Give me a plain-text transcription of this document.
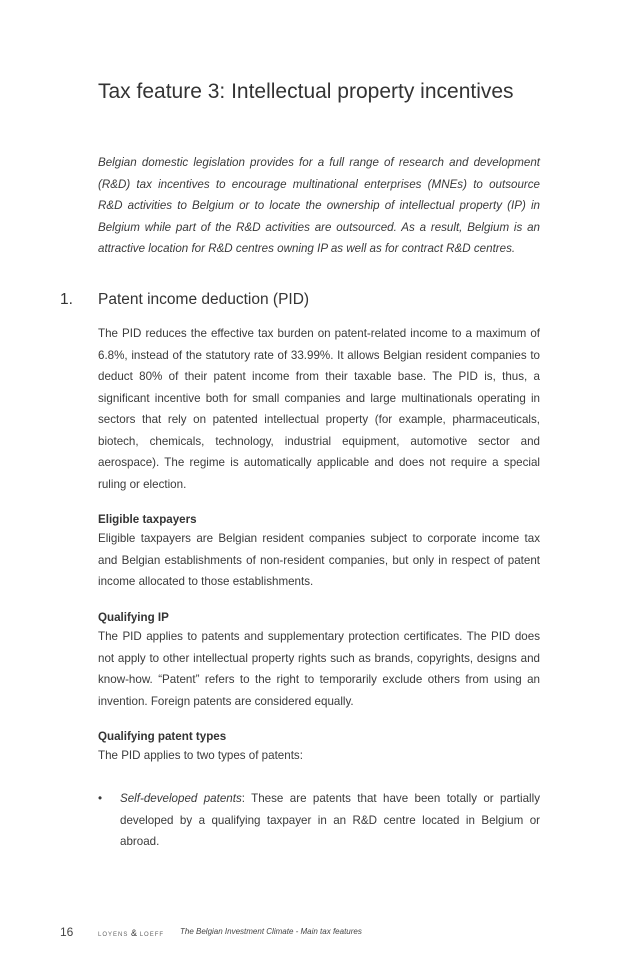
Tax feature 3: Intellectual property incentives

Belgian domestic legislation provides for a full range of research and development (R&D) tax incentives to encourage multinational enterprises (MNEs) to outsource R&D activities to Belgium or to locate the ownership of intellectual property (IP) in Belgium while part of the R&D activities are outsourced. As a result, Belgium is an attractive location for R&D centres owning IP as well as for contract R&D centres.

1. Patent income deduction (PID)

The PID reduces the effective tax burden on patent-related income to a maximum of 6.8%, instead of the statutory rate of 33.99%. It allows Belgian resident companies to deduct 80% of their patent income from their taxable base. The PID is, thus, a significant incentive both for small companies and large multinationals operating in sectors that rely on patented intellectual property (for example, pharmaceuticals, biotech, chemicals, technology, industrial equipment, automotive sector and aerospace). The regime is automatically applicable and does not require a special ruling or election.

Eligible taxpayers

Eligible taxpayers are Belgian resident companies subject to corporate income tax and Belgian establishments of non-resident companies, but only in respect of patent income allocated to those establishments.

Qualifying IP

The PID applies to patents and supplementary protection certificates. The PID does not apply to other intellectual property rights such as brands, copyrights, designs and know-how. “Patent” refers to the right to temporarily exclude others from using an invention. Foreign patents are considered equally.

Qualifying patent types

The PID applies to two types of patents:

• Self-developed patents: These are patents that have been totally or partially developed by a qualifying taxpayer in an R&D centre located in Belgium or abroad.

16	LOYENS & LOEFF The Belgian Investment Climate - Main tax features
